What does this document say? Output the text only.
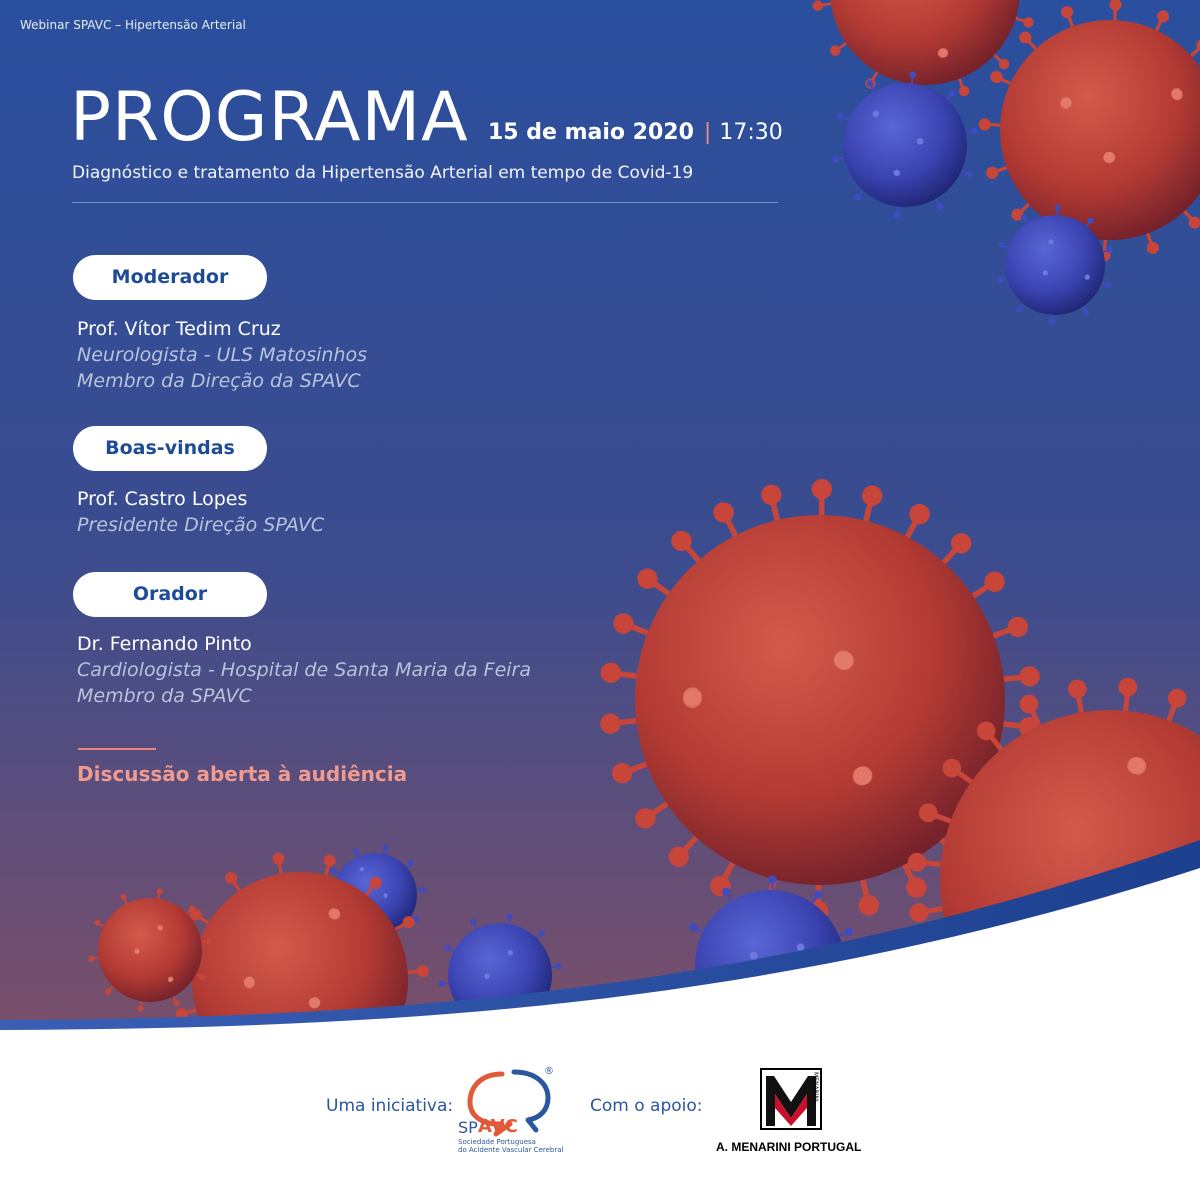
Webinar SPAVC – Hipertensão Arterial

PROGRAMA 15 de maio 2020 | 17:30

Diagnóstico e tratamento da Hipertensão Arterial em tempo de Covid-19

Moderador

Prof. Vítor Tedim Cruz

Neurologista - ULS Matosinhos

Membro da Direção da SPAVC

Boas-vindas

Prof. Castro Lopes

Presidente Direção SPAVC

Orador

Dr. Fernando Pinto

Cardiologista - Hospital de Santa Maria da Feira

Membro da SPAVC

Discussão aberta à audiência

Uma iniciativa:

®
SP AVC
Sociedade Portuguesa
do Acidente Vascular Cerebral

Com o apoio:

MENARINI
A. MENARINI PORTUGAL
